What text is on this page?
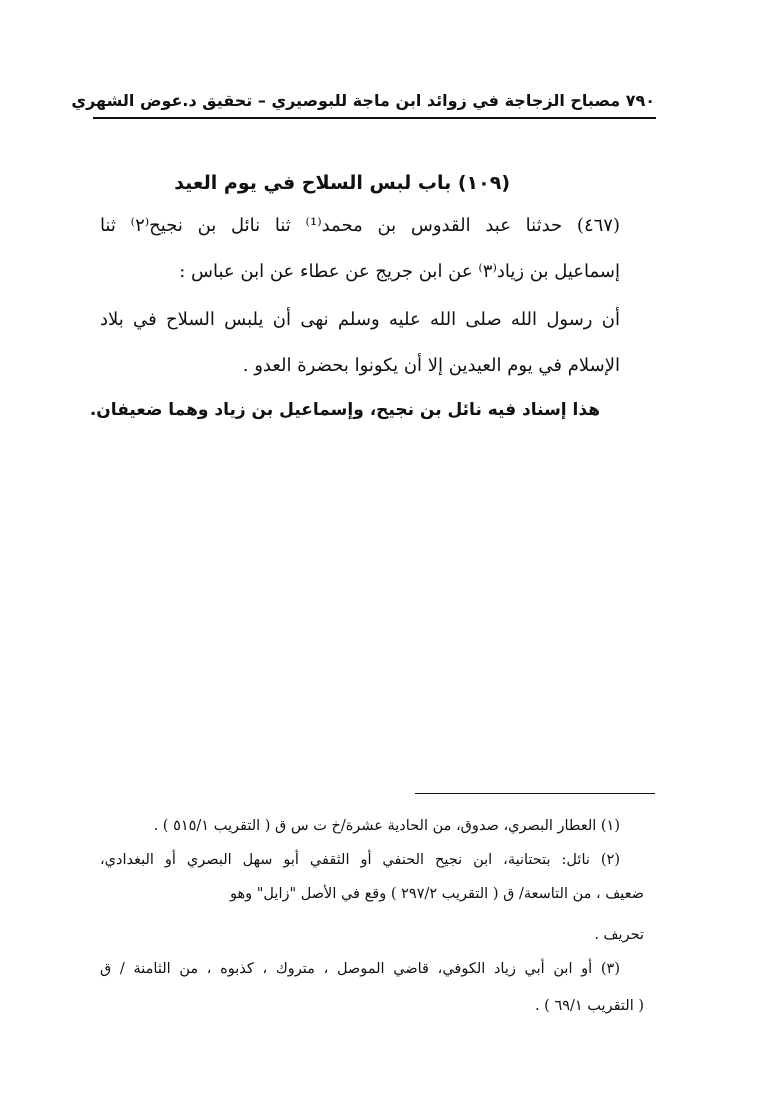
٧٩٠ مصباح الزجاجة في زوائد ابن ماجة للبوصيري – تحقيق د.عوض الشهري
(١٠٩) باب لبس السلاح في يوم العيد
(٤٦٧) حدثنا عبد القدوس بن محمد⁽¹⁾ ثنا نائل بن نجيح⁽٢⁾ ثنا
إسماعيل بن زياد⁽٣⁾ عن ابن جريج عن عطاء عن ابن عباس :
أن رسول الله صلى الله عليه وسلم نهى أن يلبس السلاح في بلاد
الإسلام في يوم العيدين إلا أن يكونوا بحضرة العدو .
هذا إسناد فيه نائل بن نجيح، وإسماعيل بن زياد وهما ضعيفان.
(١) العطار البصري، صدوق، من الحادية عشرة/خ ت س ق ( التقريب ٥١٥/١ ) .
(٢) نائل: بتحتانية، ابن نجيح الحنفي أو الثقفي أبو سهل البصري أو البغدادي،
ضعيف ، من التاسعة/ ق ( التقريب ٢٩٧/٢ ) وقع في الأصل "زايل" وهو
تحريف .
(٣) أو ابن أبي زياد الكوفي، قاضي الموصل ، متروك ، كذبوه ، من الثامنة / ق
( التقريب ٦٩/١ ) .
